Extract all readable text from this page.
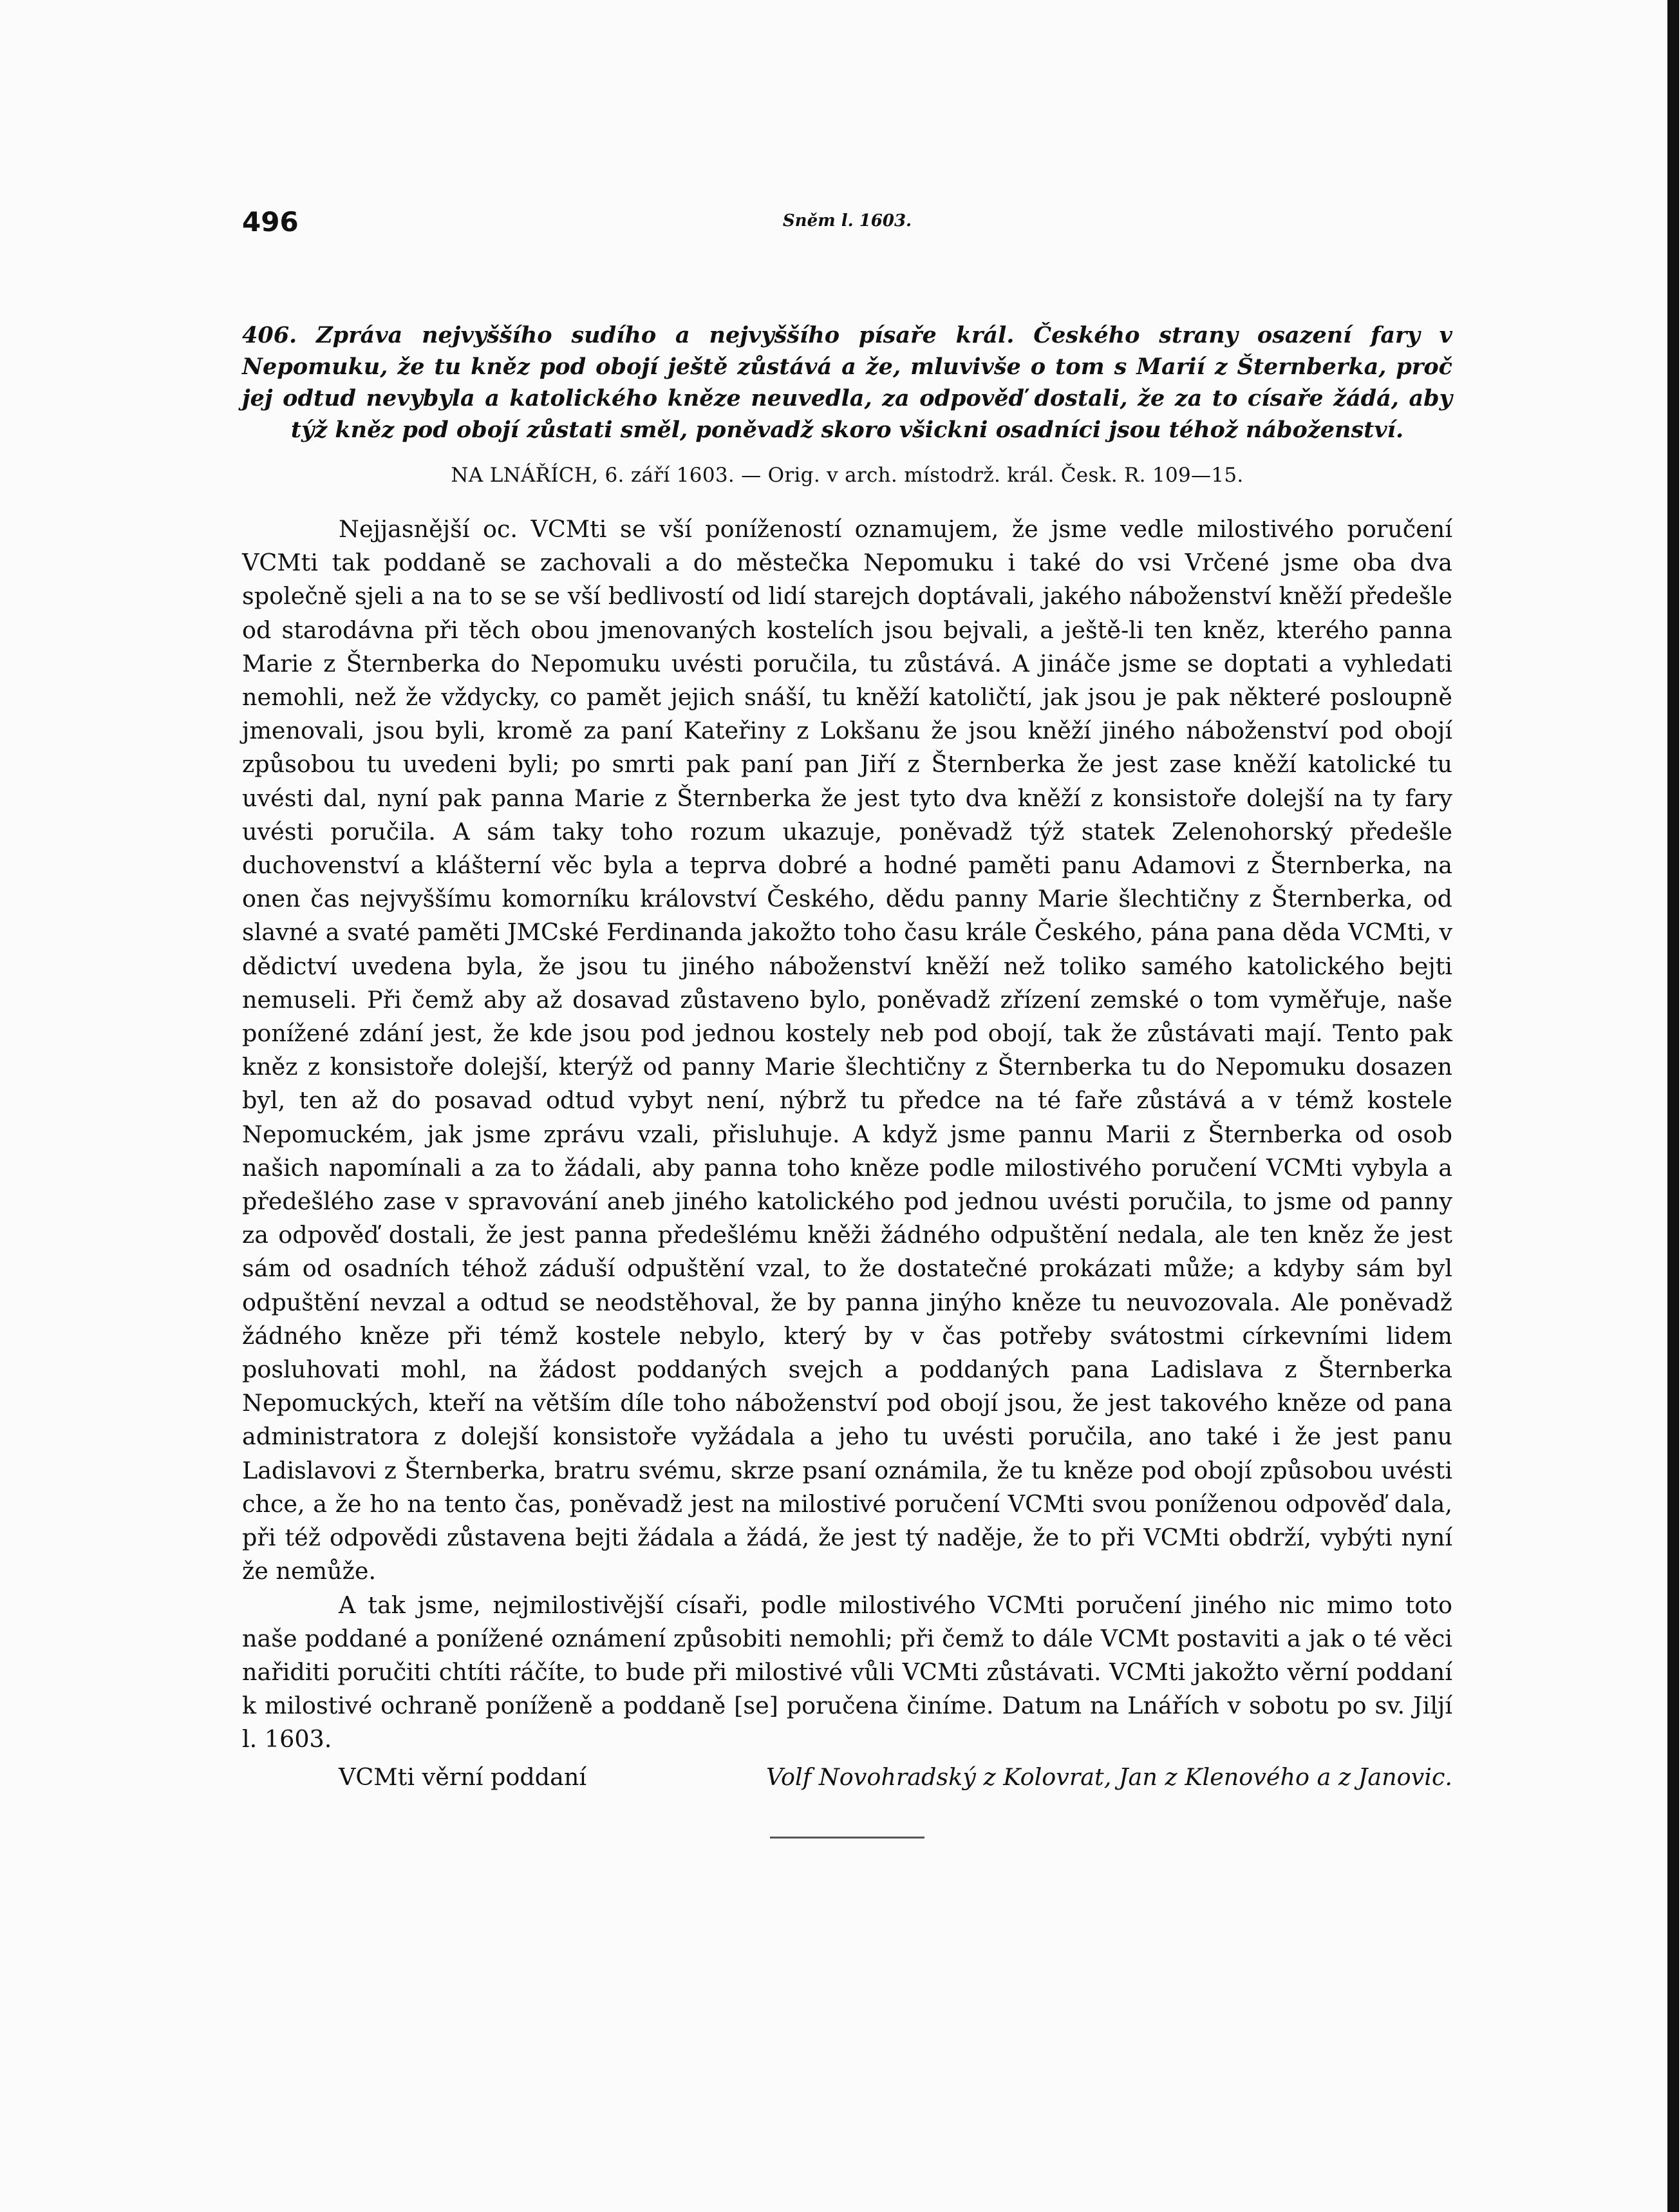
496	Sněm l. 1603.
406. Zpráva nejvyššího sudího a nejvyššího písaře král. Českého strany osazení fary v Nepomuku, že tu kněz pod obojí ještě zůstává a že, mluvivše o tom s Marií z Šternberka, proč jej odtud nevybyla a katolického kněze neuvedla, za odpověď dostali, že za to císaře žádá, aby týž kněz pod obojí zůstati směl, poněvadž skoro všickni osadníci jsou téhož náboženství.
NA LNÁŘÍCH, 6. září 1603. — Orig. v arch. místodrž. král. Česk. R. 109—15.

Nejjasnější oc. VCMti se vší ponížeností oznamujem, že jsme vedle milostivého poručení VCMti tak poddaně se zachovali a do městečka Nepomuku i také do vsi Vrčené jsme oba dva společně sjeli a na to se se vší bedlivostí od lidí starejch doptávali, jakého náboženství kněží předešle od starodávna při těch obou jmenovaných kostelích jsou bejvali, a ještě-li ten kněz, kterého panna Marie z Šternberka do Nepomuku uvésti poručila, tu zůstává. A jináče jsme se doptati a vyhledati nemohli, než že vždycky, co pamět jejich snáší, tu kněží katoličtí, jak jsou je pak některé posloupně jmenovali, jsou byli, kromě za paní Kateřiny z Lokšanu že jsou kněží jiného náboženství pod obojí způsobou tu uvedeni byli; po smrti pak paní pan Jiří z Šternberka že jest zase kněží katolické tu uvésti dal, nyní pak panna Marie z Šternberka že jest tyto dva kněží z konsistoře dolejší na ty fary uvésti poručila. A sám taky toho rozum ukazuje, poněvadž týž statek Zelenohorský předešle duchovenství a klášterní věc byla a teprva dobré a hodné paměti panu Adamovi z Šternberka, na onen čas nejvyššímu komorníku království Českého, dědu panny Marie šlechtičny z Šternberka, od slavné a svaté paměti JMCské Ferdinanda jakožto toho času krále Českého, pána pana děda VCMti, v dědictví uvedena byla, že jsou tu jiného náboženství kněží než toliko samého katolického bejti nemuseli. Při čemž aby až dosavad zůstaveno bylo, poněvadž zřízení zemské o tom vyměřuje, naše ponížené zdání jest, že kde jsou pod jednou kostely neb pod obojí, tak že zůstávati mají. Tento pak kněz z konsistoře dolejší, kterýž od panny Marie šlechtičny z Šternberka tu do Nepomuku dosazen byl, ten až do posavad odtud vybyt není, nýbrž tu předce na té faře zůstává a v témž kostele Nepomuckém, jak jsme zprávu vzali, přisluhuje. A když jsme pannu Marii z Šternberka od osob našich napomínali a za to žádali, aby panna toho kněze podle milostivého poručení VCMti vybyla a předešlého zase v spravování aneb jiného katolického pod jednou uvésti poručila, to jsme od panny za odpověď dostali, že jest panna předešlému kněži žádného odpuštění nedala, ale ten kněz že jest sám od osadních téhož záduší odpuštění vzal, to že dostatečné prokázati může; a kdyby sám byl odpuštění nevzal a odtud se neodstěhoval, že by panna jinýho kněze tu neuvozovala. Ale poněvadž žádného kněze při témž kostele nebylo, který by v čas potřeby svátostmi církevními lidem posluhovati mohl, na žádost poddaných svejch a poddaných pana Ladislava z Šternberka Nepomuckých, kteří na větším díle toho náboženství pod obojí jsou, že jest takového kněze od pana administratora z dolejší konsistoře vyžádala a jeho tu uvésti poručila, ano také i že jest panu Ladislavovi z Šternberka, bratru svému, skrze psaní oznámila, že tu kněze pod obojí způsobou uvésti chce, a že ho na tento čas, poněvadž jest na milostivé poručení VCMti svou poníženou odpověď dala, při též odpovědi zůstavena bejti žádala a žádá, že jest tý naděje, že to při VCMti obdrží, vybýti nyní že nemůže.

A tak jsme, nejmilostivější císaři, podle milostivého VCMti poručení jiného nic mimo toto naše poddané a ponížené oznámení způsobiti nemohli; při čemž to dále VCMt postaviti a jak o té věci nařiditi poručiti chtíti ráčíte, to bude při milostivé vůli VCMti zůstávati. VCMti jakožto věrní poddaní k milostivé ochraně poníženě a poddaně [se] poručena činíme. Datum na Lnářích v sobotu po sv. Jiljí l. 1603.

VCMti věrní poddaní	Volf Novohradský z Kolovrat, Jan z Klenového a z Janovic.
